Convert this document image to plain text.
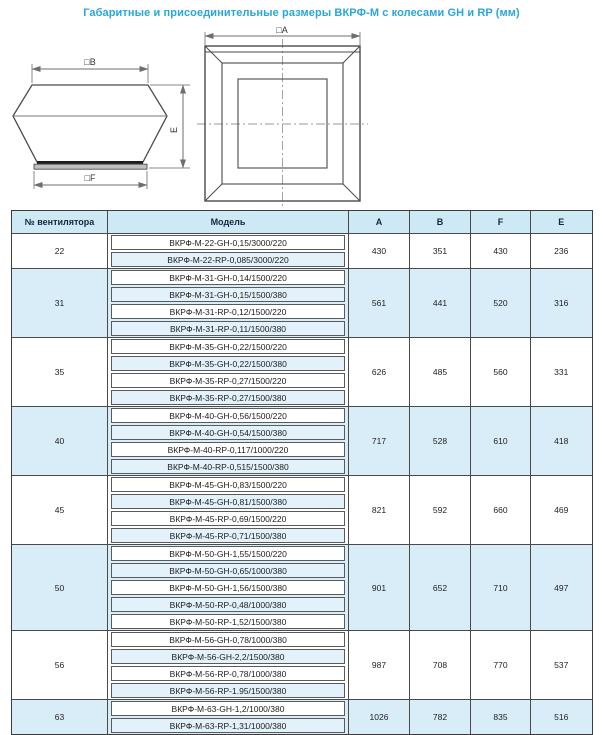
Габаритные и присоединительные размеры ВКРФ-М с колесами GH и RP (мм)
□B
□F
E
□A
№ вентилятора	Модель	A	B	F	E
22
ВКРФ-М-22-GH-0,15/3000/220
ВКРФ-М-22-RP-0,085/3000/220
430	351	430	236
31
ВКРФ-М-31-GH-0,14/1500/220
ВКРФ-М-31-GH-0,15/1500/380
ВКРФ-М-31-RP-0,12/1500/220
ВКРФ-М-31-RP-0,11/1500/380
561	441	520	316
35
ВКРФ-М-35-GH-0,22/1500/220
ВКРФ-М-35-GH-0,22/1500/380
ВКРФ-М-35-RP-0,27/1500/220
ВКРФ-М-35-RP-0,27/1500/380
626	485	560	331
40
ВКРФ-М-40-GH-0,56/1500/220
ВКРФ-М-40-GH-0,54/1500/380
ВКРФ-М-40-RP-0,117/1000/220
ВКРФ-М-40-RP-0,515/1500/380
717	528	610	418
45
ВКРФ-М-45-GH-0,83/1500/220
ВКРФ-М-45-GH-0,81/1500/380
ВКРФ-М-45-RP-0,69/1500/220
ВКРФ-М-45-RP-0,71/1500/380
821	592	660	469
50
ВКРФ-М-50-GH-1,55/1500/220
ВКРФ-М-50-GH-0,65/1000/380
ВКРФ-М-50-GH-1,56/1500/380
ВКРФ-М-50-RP-0,48/1000/380
ВКРФ-М-50-RP-1,52/1500/380
901	652	710	497
56
ВКРФ-М-56-GH-0,78/1000/380
ВКРФ-М-56-GH-2,2/1500/380
ВКРФ-М-56-RP-0,78/1000/380
ВКРФ-М-56-RP-1.95/1500/380
987	708	770	537
63
ВКРФ-М-63-GH-1,2/1000/380
ВКРФ-М-63-RP-1,31/1000/380
1026	782	835	516
